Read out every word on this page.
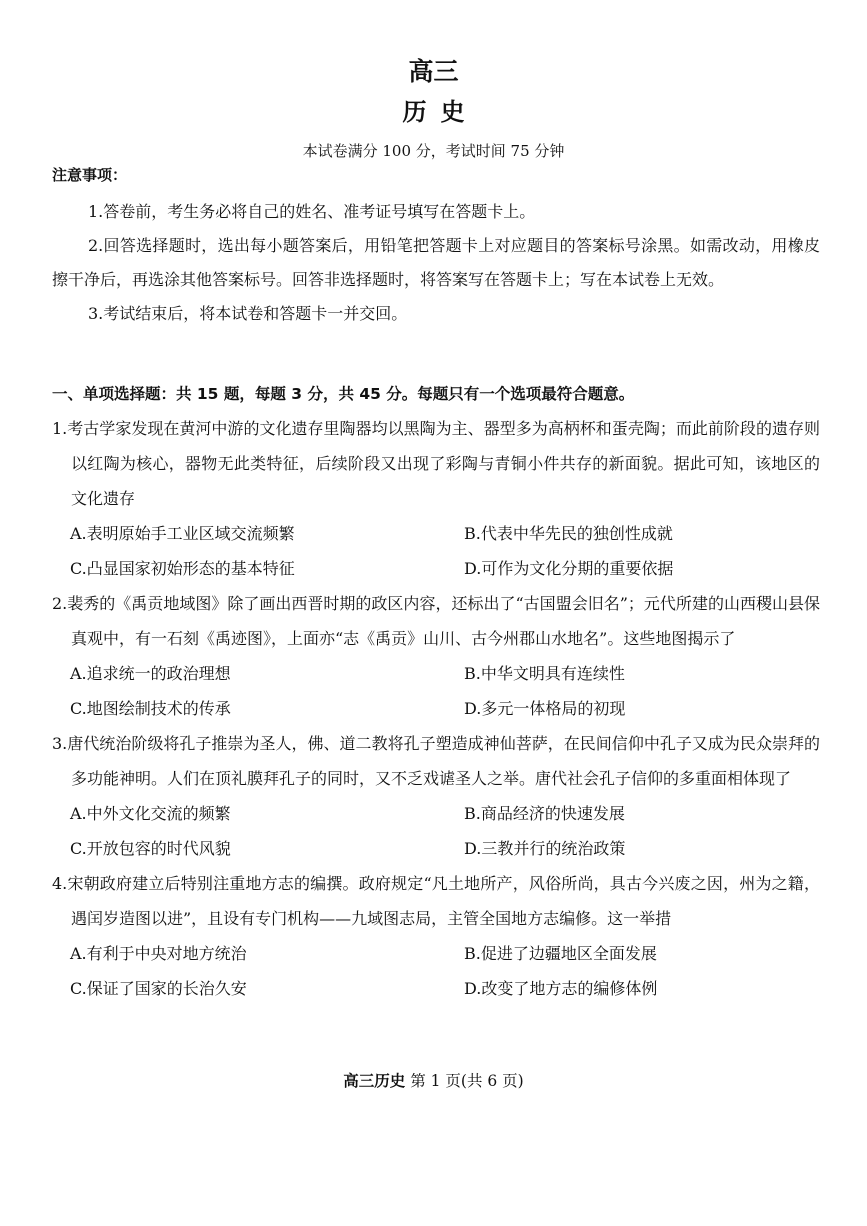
高三
历史
本试卷满分 100 分，考试时间 75 分钟
注意事项：

1.答卷前，考生务必将自己的姓名、准考证号填写在答题卡上。

2.回答选择题时，选出每小题答案后，用铅笔把答题卡上对应题目的答案标号涂黑。如需改动，用橡皮擦干净后，再选涂其他答案标号。回答非选择题时，将答案写在答题卡上；写在本试卷上无效。

3.考试结束后，将本试卷和答题卡一并交回。

一、单项选择题：共 15 题，每题 3 分，共 45 分。每题只有一个选项最符合题意。

1.考古学家发现在黄河中游的文化遗存里陶器均以黑陶为主、器型多为高柄杯和蛋壳陶；而此前阶段的遗存则以红陶为核心，器物无此类特征，后续阶段又出现了彩陶与青铜小件共存的新面貌。据此可知，该地区的文化遗存

A.表明原始手工业区域交流频繁	B.代表中华先民的独创性成就
C.凸显国家初始形态的基本特征	D.可作为文化分期的重要依据

2.裴秀的《禹贡地域图》除了画出西晋时期的政区内容，还标出了“古国盟会旧名”；元代所建的山西稷山县保真观中，有一石刻《禹迹图》，上面亦“志《禹贡》山川、古今州郡山水地名”。这些地图揭示了

A.追求统一的政治理想	B.中华文明具有连续性
C.地图绘制技术的传承	D.多元一体格局的初现

3.唐代统治阶级将孔子推崇为圣人，佛、道二教将孔子塑造成神仙菩萨，在民间信仰中孔子又成为民众崇拜的多功能神明。人们在顶礼膜拜孔子的同时，又不乏戏谑圣人之举。唐代社会孔子信仰的多重面相体现了

A.中外文化交流的频繁	B.商品经济的快速发展
C.开放包容的时代风貌	D.三教并行的统治政策

4.宋朝政府建立后特别注重地方志的编撰。政府规定“凡土地所产，风俗所尚，具古今兴废之因，州为之籍，遇闰岁造图以进”，且设有专门机构——九域图志局，主管全国地方志编修。这一举措

A.有利于中央对地方统治	B.促进了边疆地区全面发展
C.保证了国家的长治久安	D.改变了地方志的编修体例
高三历史 第 1 页(共 6 页)
